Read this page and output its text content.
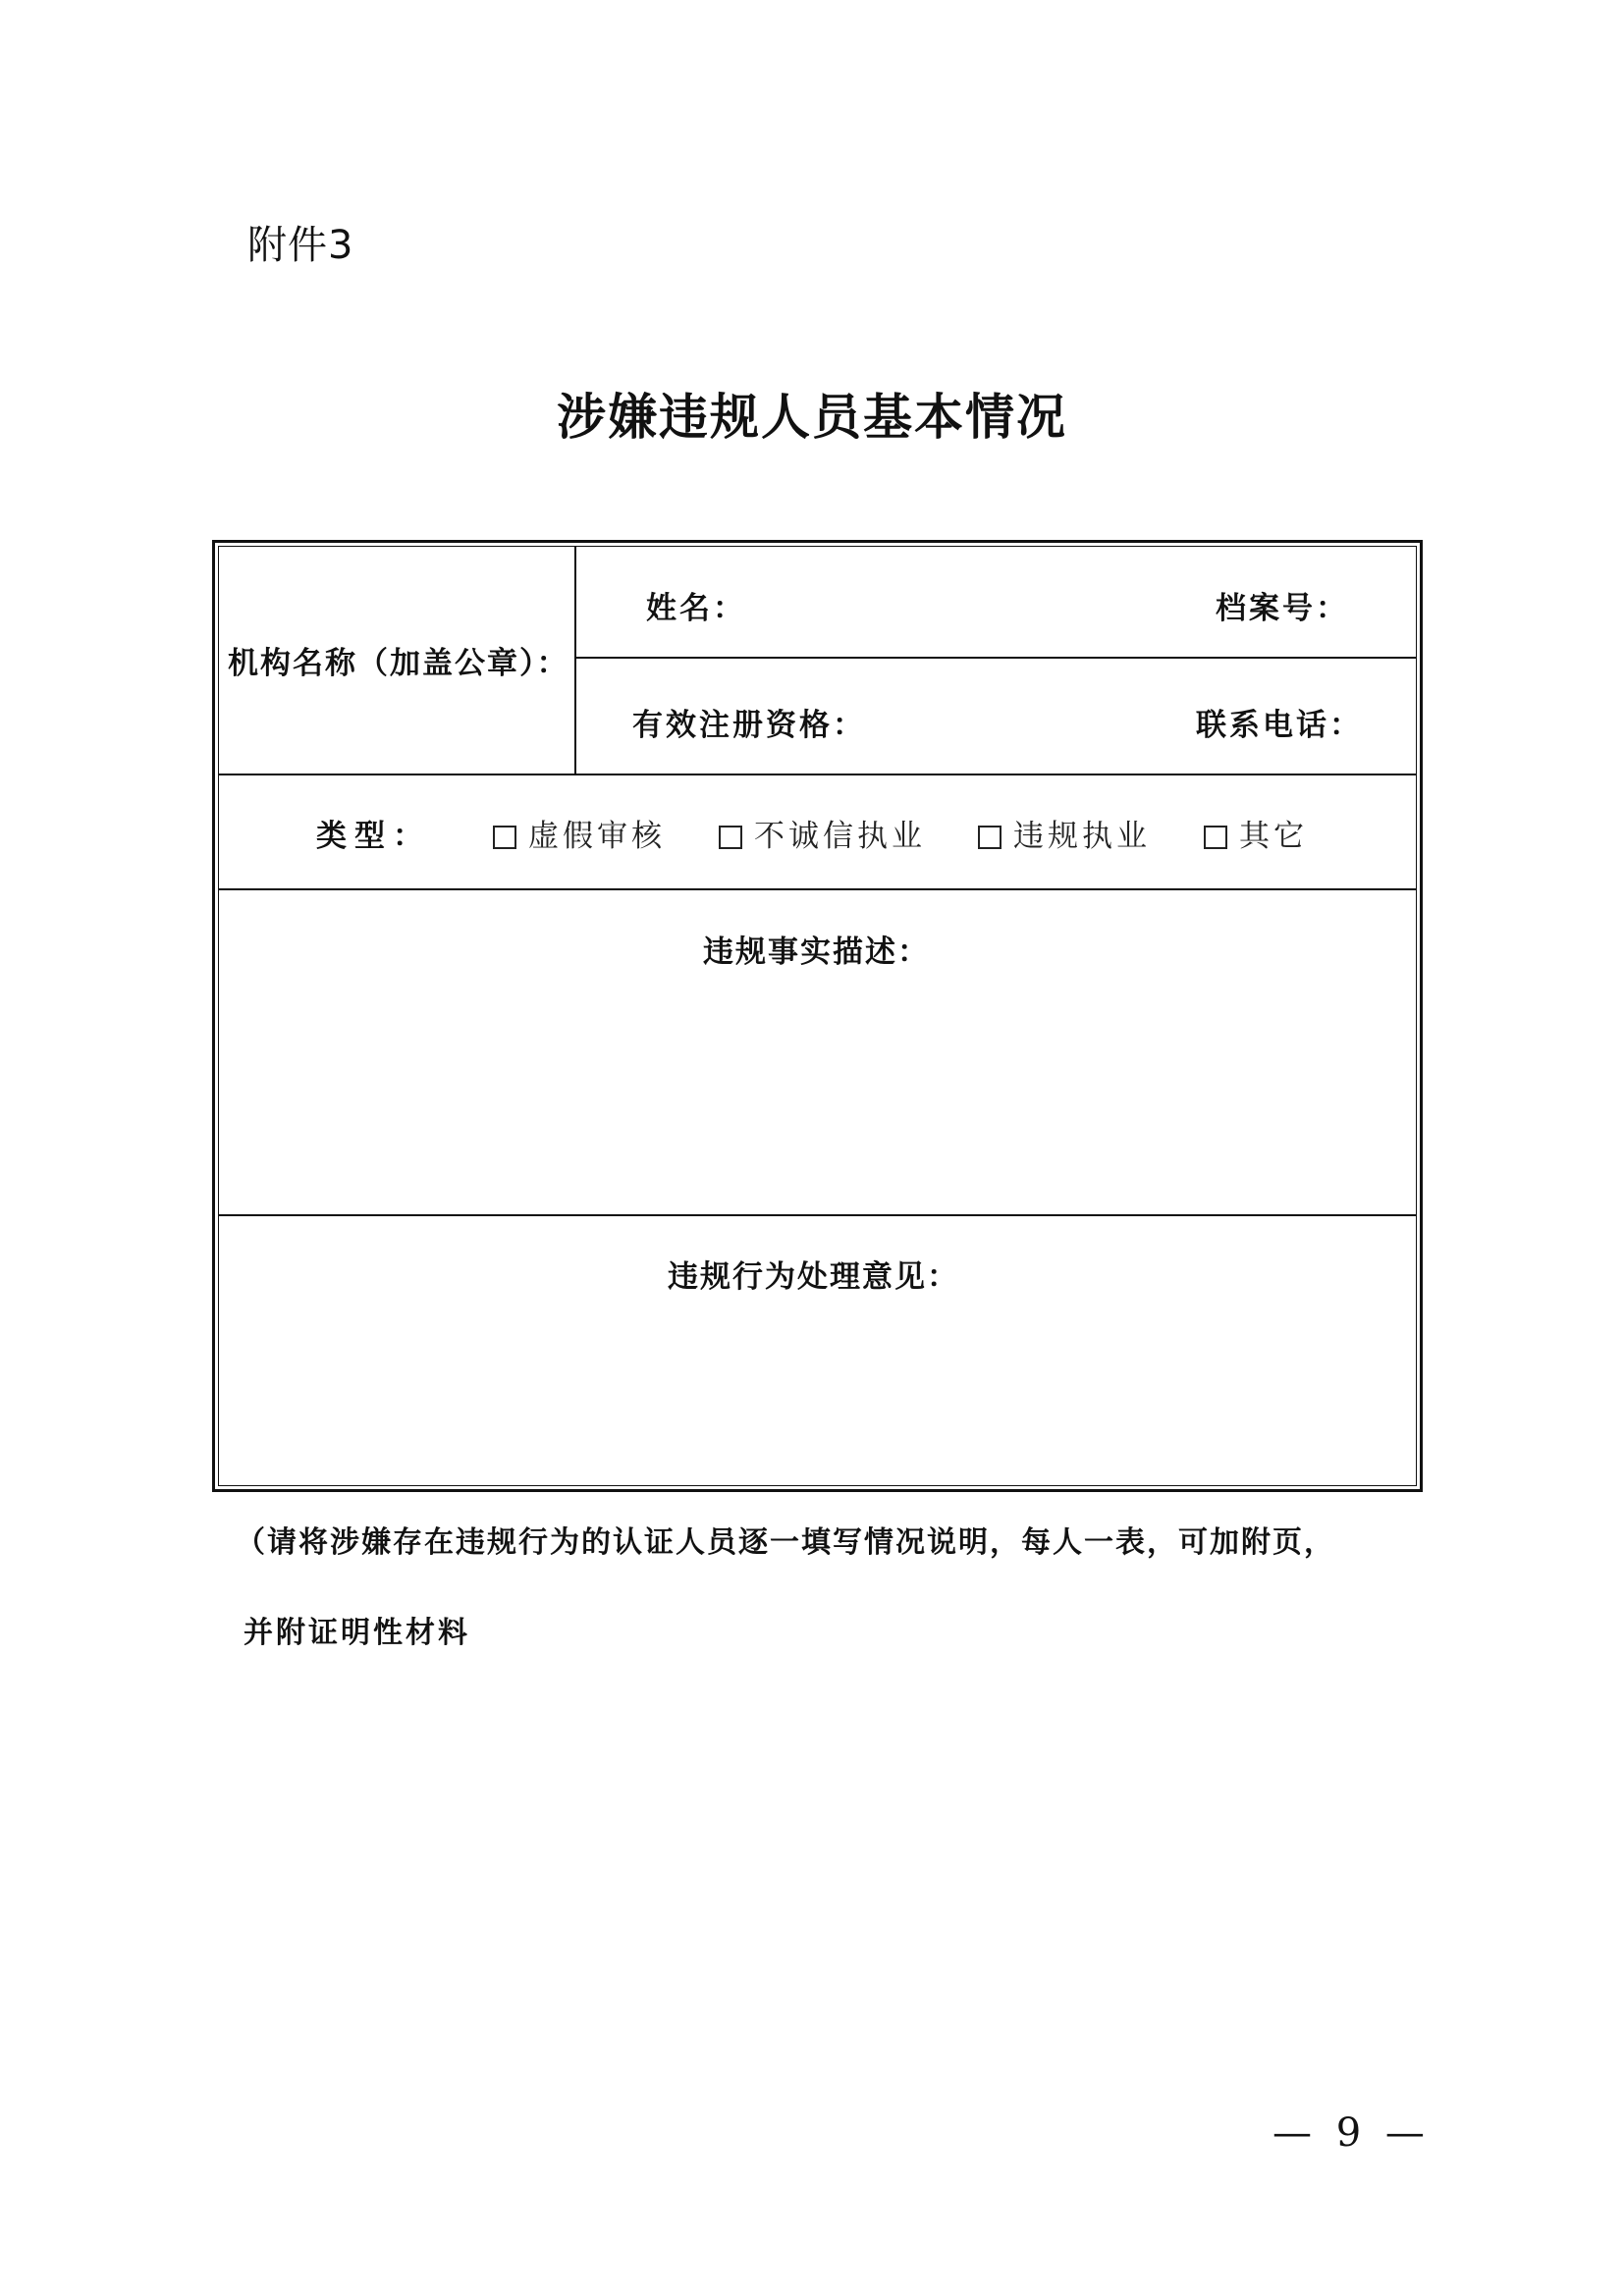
附件3
涉嫌违规人员基本情况
机构名称（加盖公章）：
姓名：	档案号：
有效注册资格：	联系电话：
类型：	虚假审核	不诚信执业	违规执业	其它
违规事实描述：
违规行为处理意见：
（请将涉嫌存在违规行为的认证人员逐一填写情况说明，每人一表，可加附页，
并附证明性材料
— 9 —
